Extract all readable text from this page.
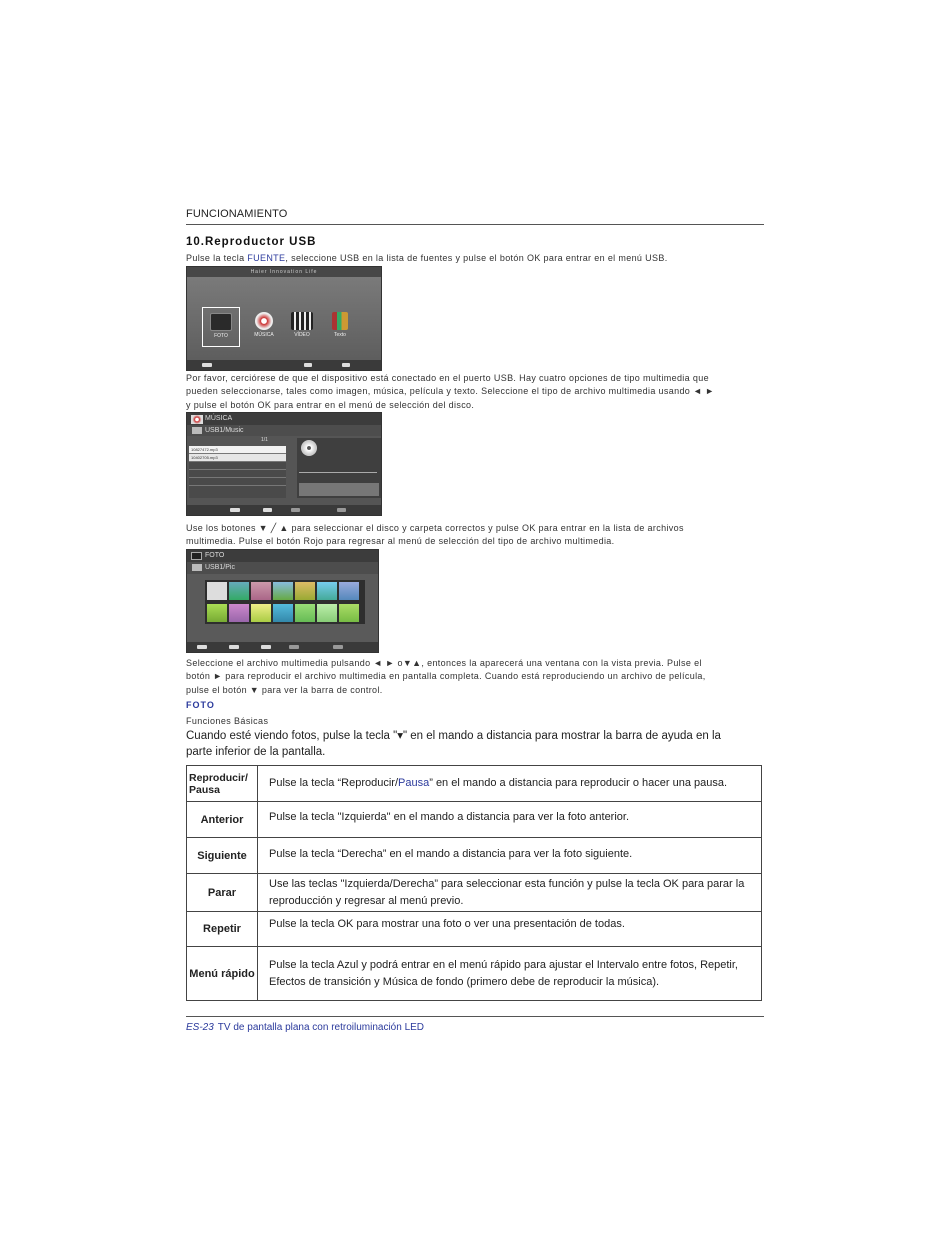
FUNCIONAMIENTO
10.Reproductor USB
Pulse la tecla FUENTE, seleccione USB en la lista de fuentes y pulse el botón OK para entrar en el menú USB.
Haier Innovation Life
FOTO	MÚSICA	VÍDEO	Texto
Por favor, cerciórese de que el dispositivo está conectado en el puerto USB. Hay cuatro opciones de tipo multimedia que
pueden seleccionarse, tales como imagen, música, película y texto. Seleccione el tipo de archivo multimedia usando ◄ ►
y pulse el botón OK para entrar en el menú de selección del disco.
MÚSICA
USB1/Music
1/1
10827472.mp3
10402705.mp3
Use los botones ▼ ╱ ▲ para seleccionar el disco y carpeta correctos y pulse OK para entrar en la lista de archivos
multimedia. Pulse el botón Rojo para regresar al menú de selección del tipo de archivo multimedia.
FOTO
USB1/Pic
Seleccione el archivo multimedia pulsando ◄ ► o▼▲, entonces la aparecerá una ventana con la vista previa. Pulse el
botón ► para reproducir el archivo multimedia en pantalla completa. Cuando está reproduciendo un archivo de película,
pulse el botón ▼ para ver la barra de control.
FOTO
Funciones Básicas
Cuando esté viendo fotos, pulse la tecla "▾" en el mando a distancia para mostrar la barra de ayuda en la
parte inferior de la pantalla.
Reproducir/
Pausa	Pulse la tecla “Reproducir/Pausa” en el mando a distancia para reproducir o hacer una pausa.
Anterior	Pulse la tecla "Izquierda" en el mando a distancia para ver la foto anterior.
Siguiente	Pulse la tecla “Derecha” en el mando a distancia para ver la foto siguiente.
Parar	Use las teclas "Izquierda/Derecha” para seleccionar esta función y pulse la tecla OK para parar la reproducción y regresar al menú previo.
Repetir	Pulse la tecla OK para mostrar una foto o ver una presentación de todas.
Menú rápido	Pulse la tecla Azul y podrá entrar en el menú rápido para ajustar el Intervalo entre fotos, Repetir, Efectos de transición y Música de fondo (primero debe de reproducir la música).
ES-23 TV de pantalla plana con retroiluminación LED
